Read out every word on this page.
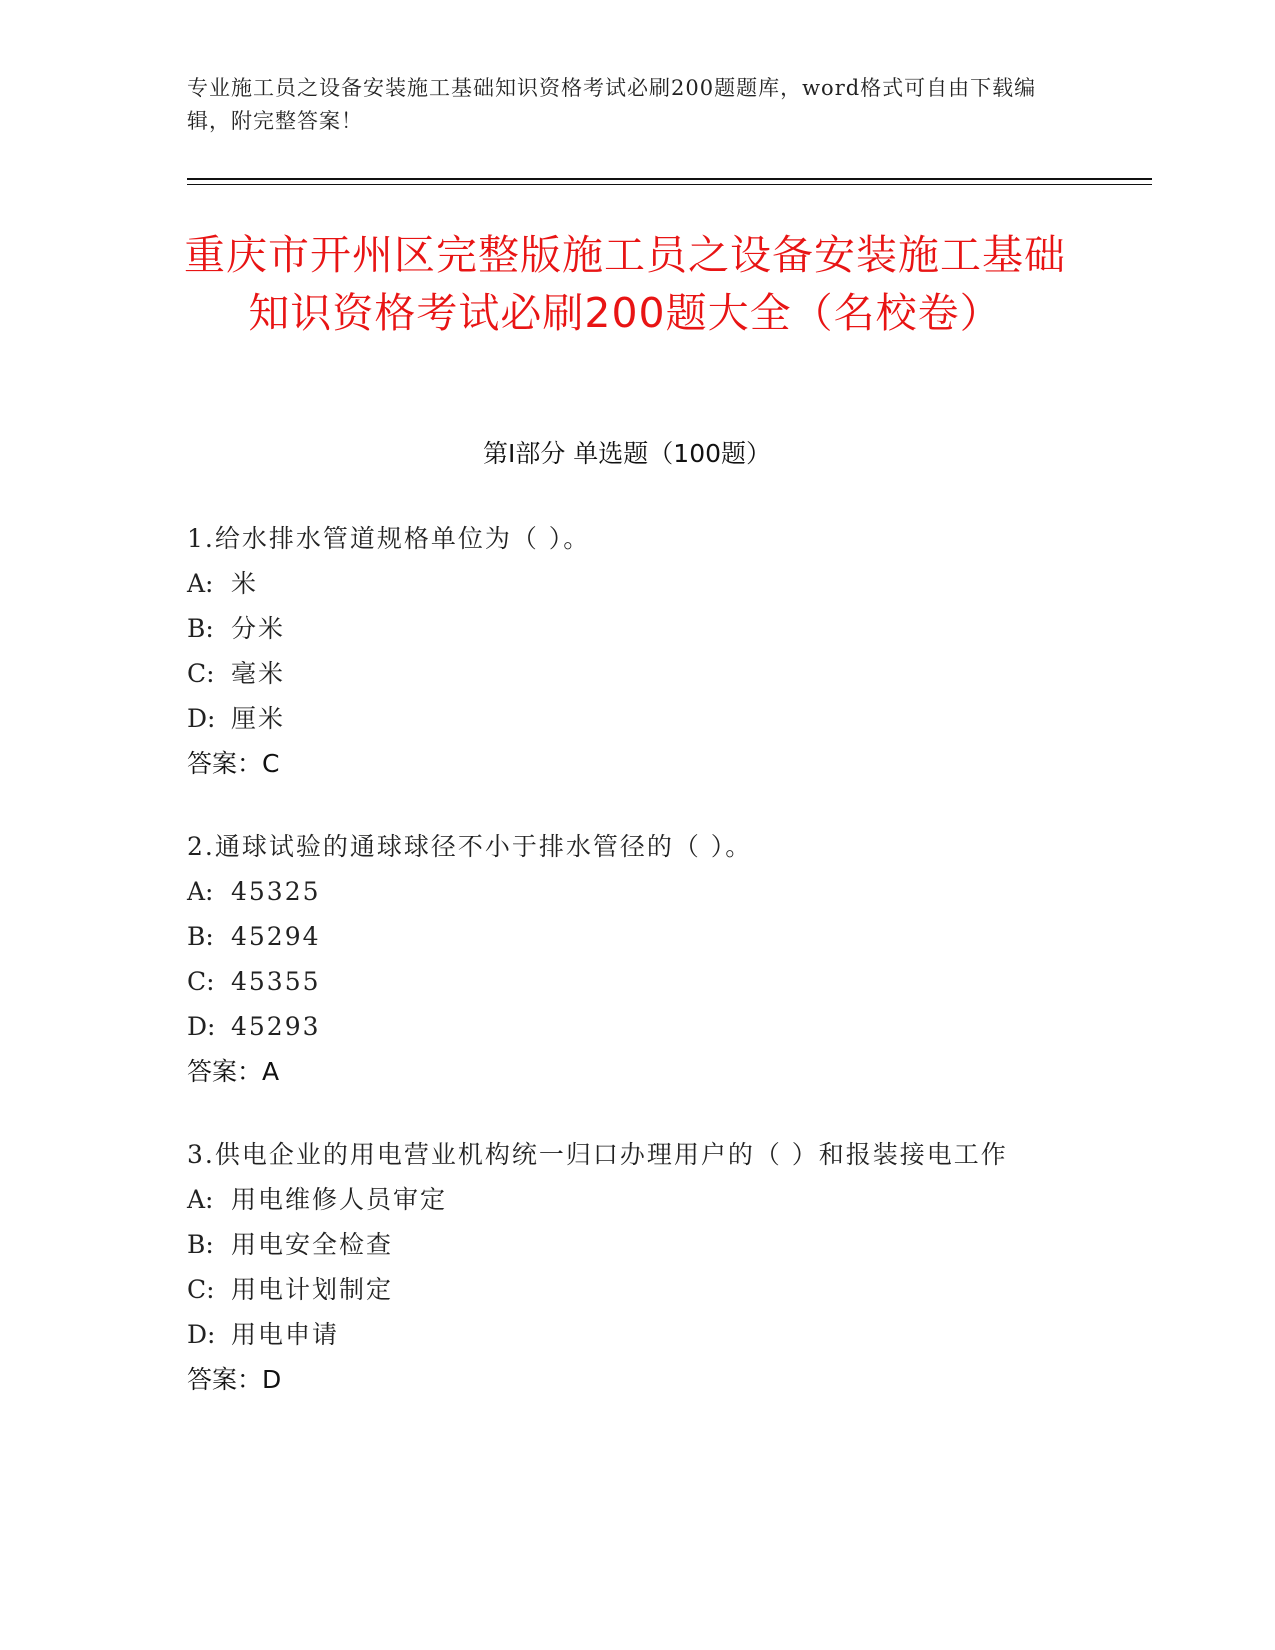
专业施工员之设备安装施工基础知识资格考试必刷200题题库，word格式可自由下载编辑，附完整答案！
重庆市开州区完整版施工员之设备安装施工基础知识资格考试必刷200题大全（名校卷）
第Ⅰ部分 单选题（100题）
1.给水排水管道规格单位为（ ）。
A: 米
B: 分米
C: 毫米
D: 厘米
答案：C
2.通球试验的通球球径不小于排水管径的（ ）。
A: 45325
B: 45294
C: 45355
D: 45293
答案：A
3.供电企业的用电营业机构统一归口办理用户的（ ）和报装接电工作
A: 用电维修人员审定
B: 用电安全检查
C: 用电计划制定
D: 用电申请
答案：D
